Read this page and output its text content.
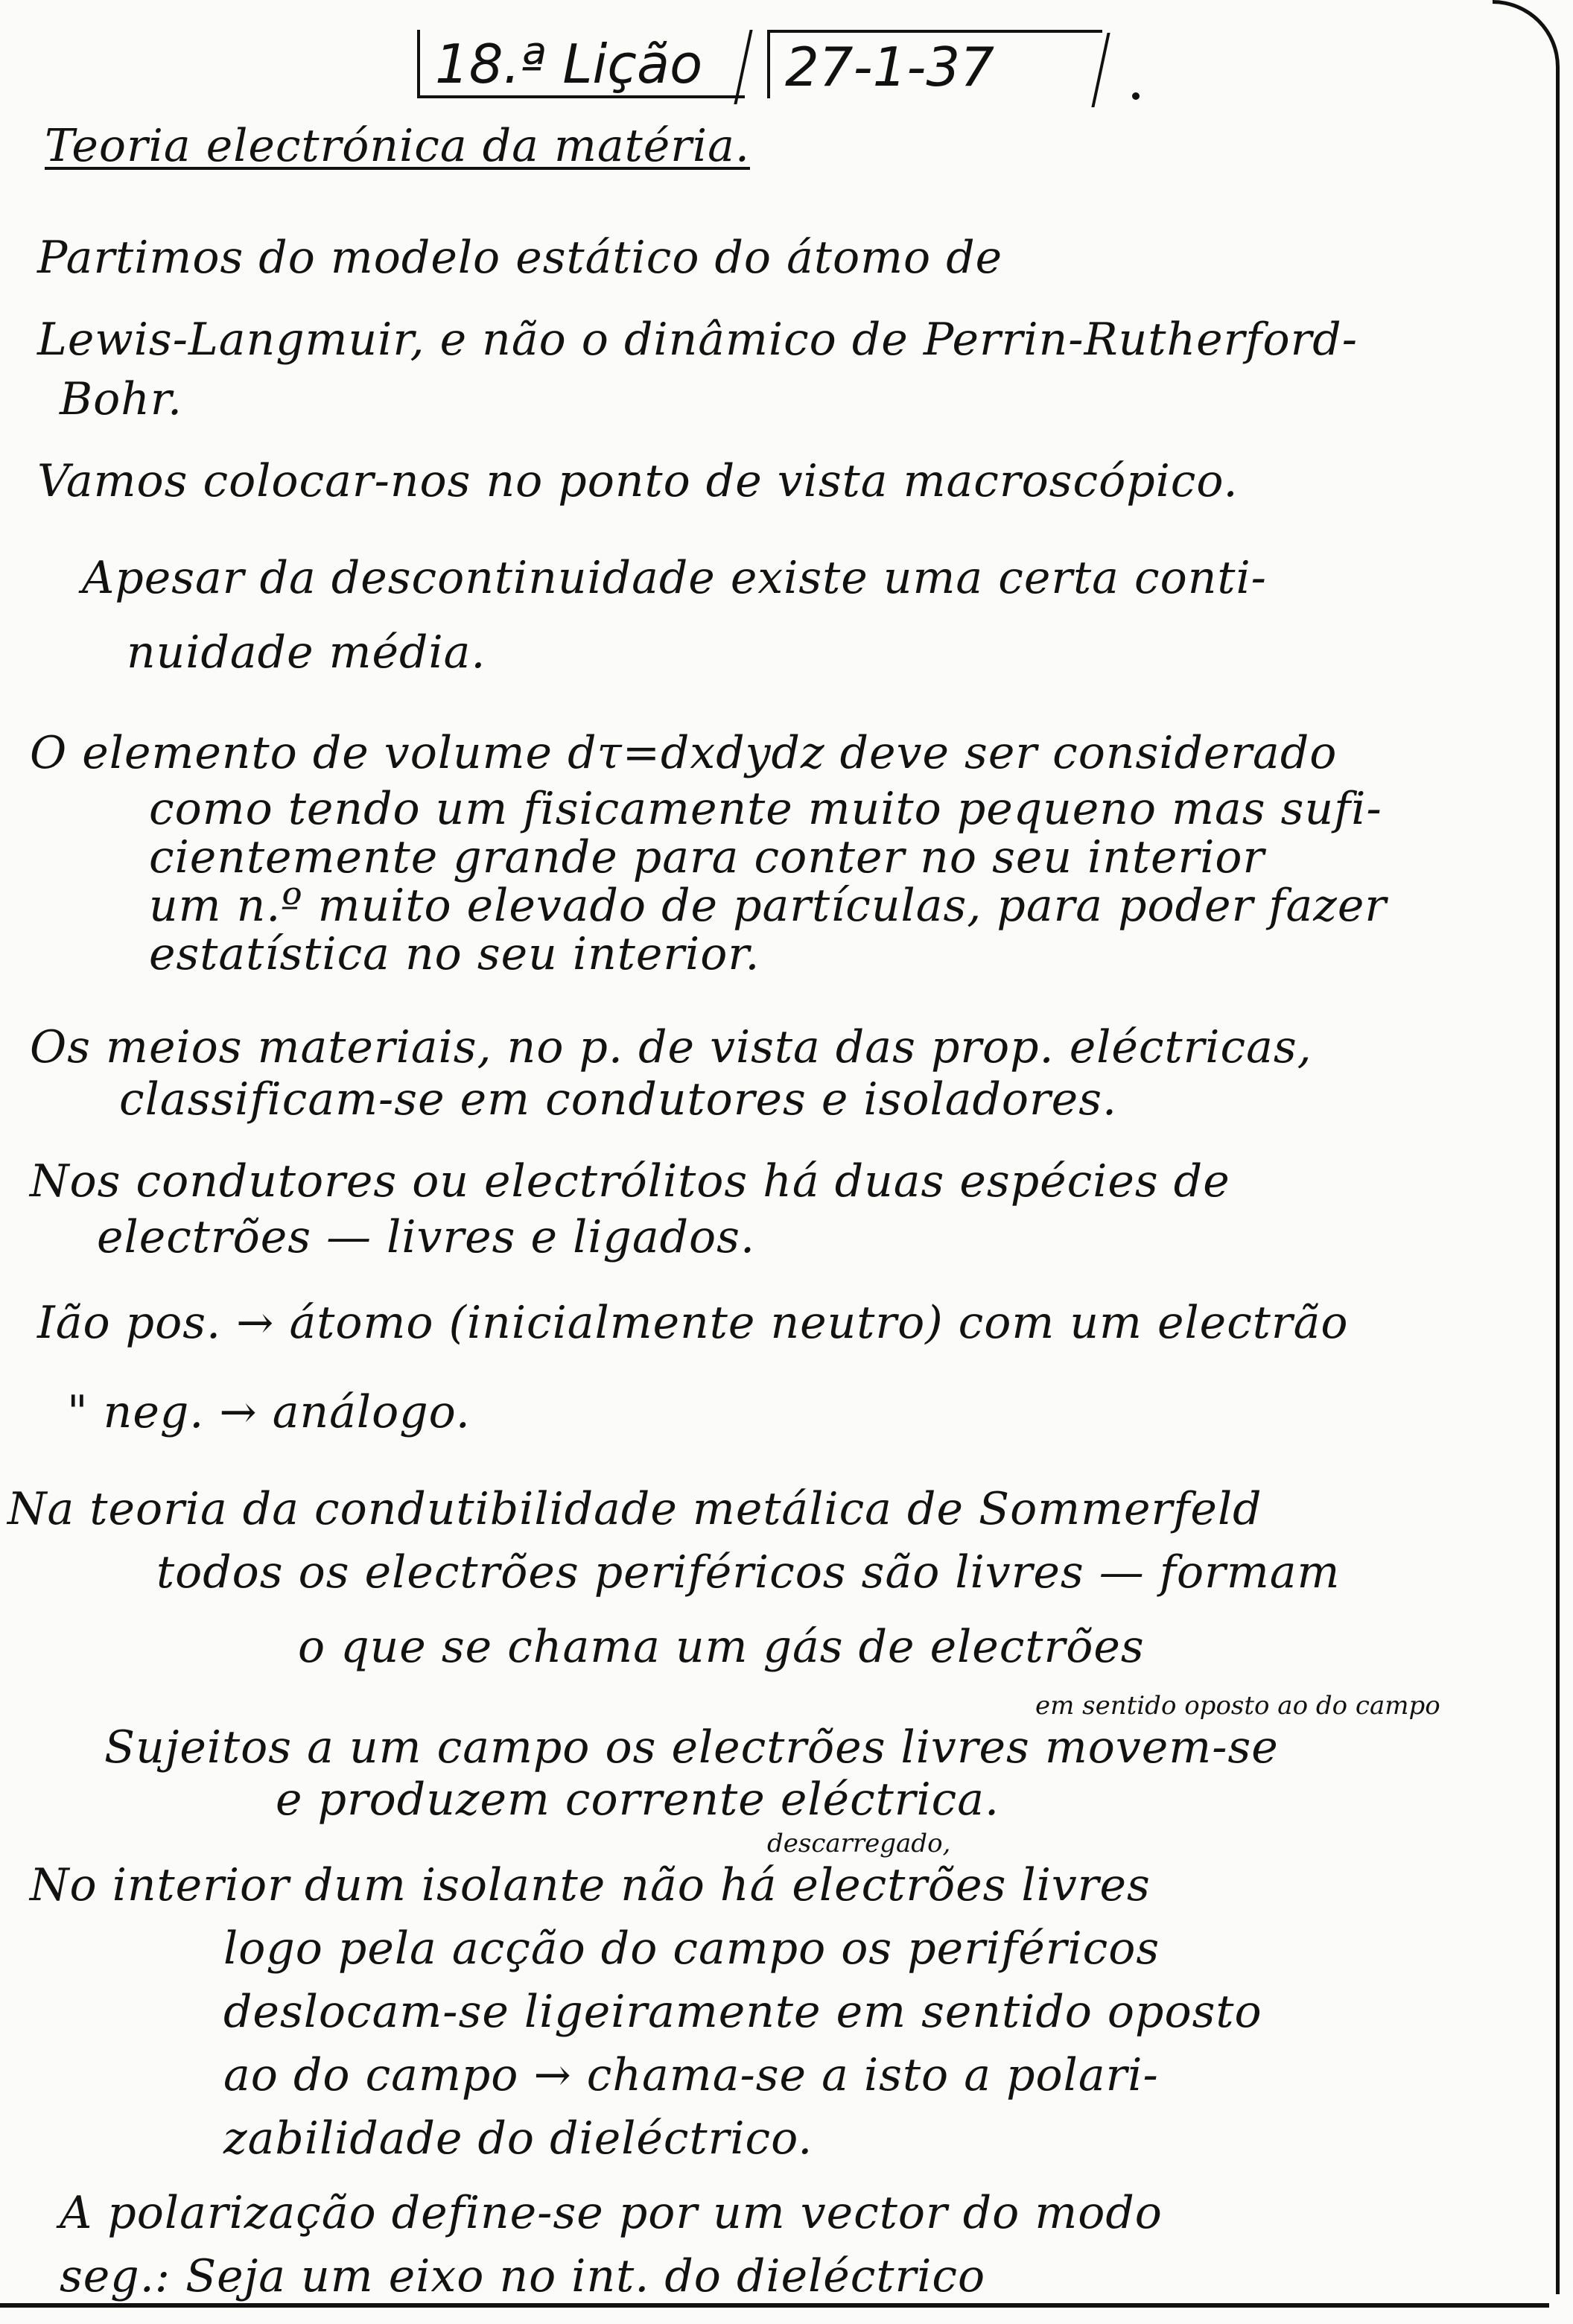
18.ª Lição	27-1-37
Teoria electrónica da matéria.
Partimos do modelo estático do átomo de
Lewis-Langmuir, e não o dinâmico de Perrin-Rutherford-
Bohr.
Vamos colocar-nos no ponto de vista macroscópico.
Apesar da descontinuidade existe uma certa conti-
nuidade média.
O elemento de volume dτ=dxdydz deve ser considerado
como tendo um fisicamente muito pequeno mas sufi-
cientemente grande para conter no seu interior
um n.º muito elevado de partículas, para poder fazer
estatística no seu interior.
Os meios materiais, no p. de vista das prop. eléctricas,
classificam-se em condutores e isoladores.
Nos condutores ou electrólitos há duas espécies de
electrões — livres e ligados.
Ião pos. → átomo (inicialmente neutro) com um electrão
" neg. → análogo.
Na teoria da condutibilidade metálica de Sommerfeld
todos os electrões periféricos são livres — formam
o que se chama um gás de electrões
em sentido oposto ao do campo
Sujeitos a um campo os electrões livres movem-se
e produzem corrente eléctrica.
descarregado,
No interior dum isolante não há electrões livres
logo pela acção do campo os periféricos
deslocam-se ligeiramente em sentido oposto
ao do campo → chama-se a isto a polari-
zabilidade do dieléctrico.
A polarização define-se por um vector do modo
seg.: Seja um eixo no int. do dieléctrico
